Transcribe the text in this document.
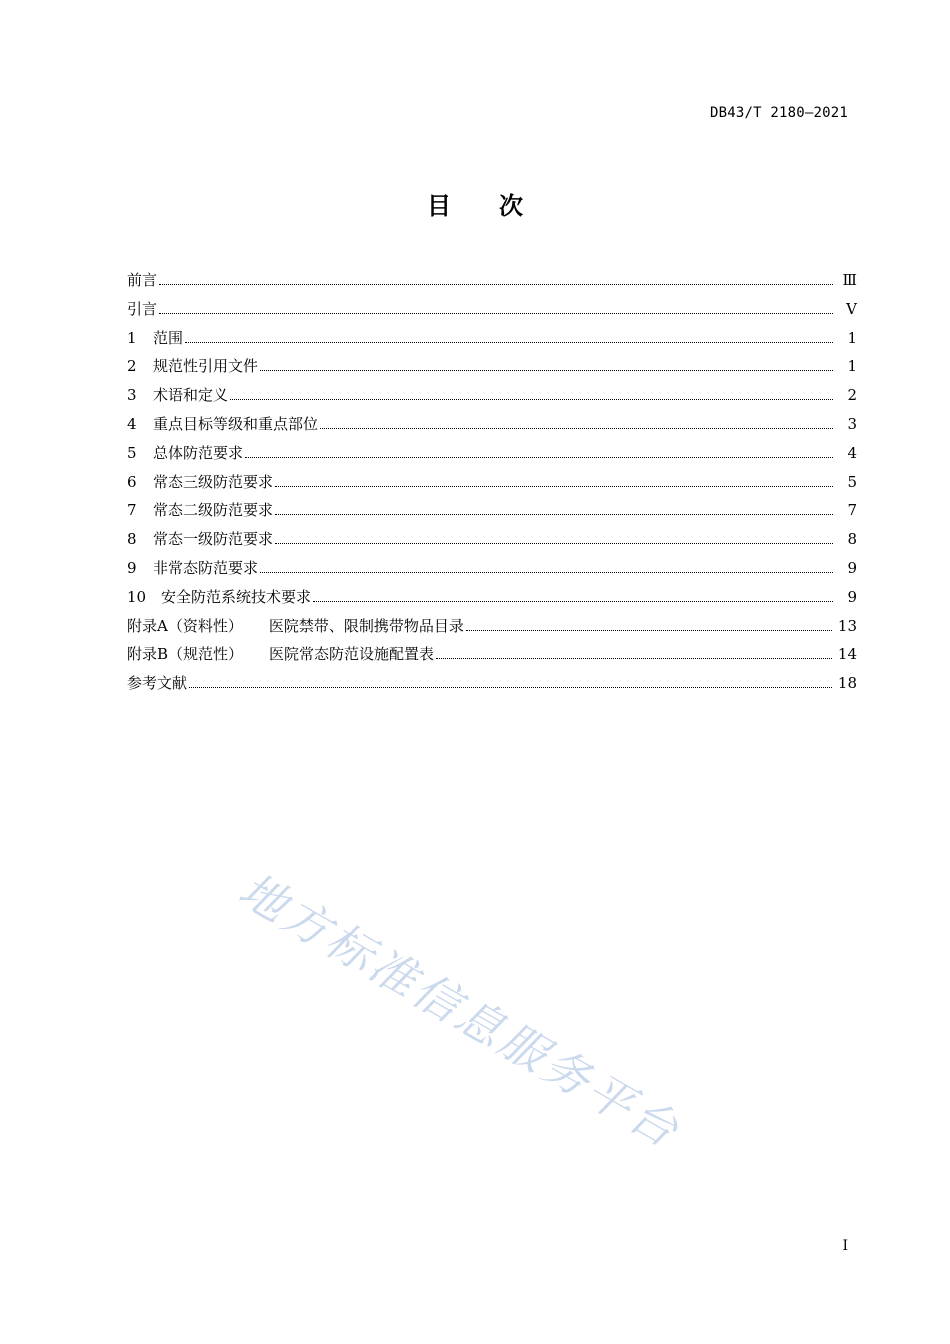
DB43/T 2180—2021
目次
前言	Ⅲ
引言	Ⅴ
1	范围	1
2	规范性引用文件	1
3	术语和定义	2
4	重点目标等级和重点部位	3
5	总体防范要求	4
6	常态三级防范要求	5
7	常态二级防范要求	7
8	常态一级防范要求	8
9	非常态防范要求	9
10 安全防范系统技术要求	9
附录A（资料性） 医院禁带、限制携带物品目录	13
附录B（规范性） 医院常态防范设施配置表	14
参考文献	18
地方标准信息服务平台
I
